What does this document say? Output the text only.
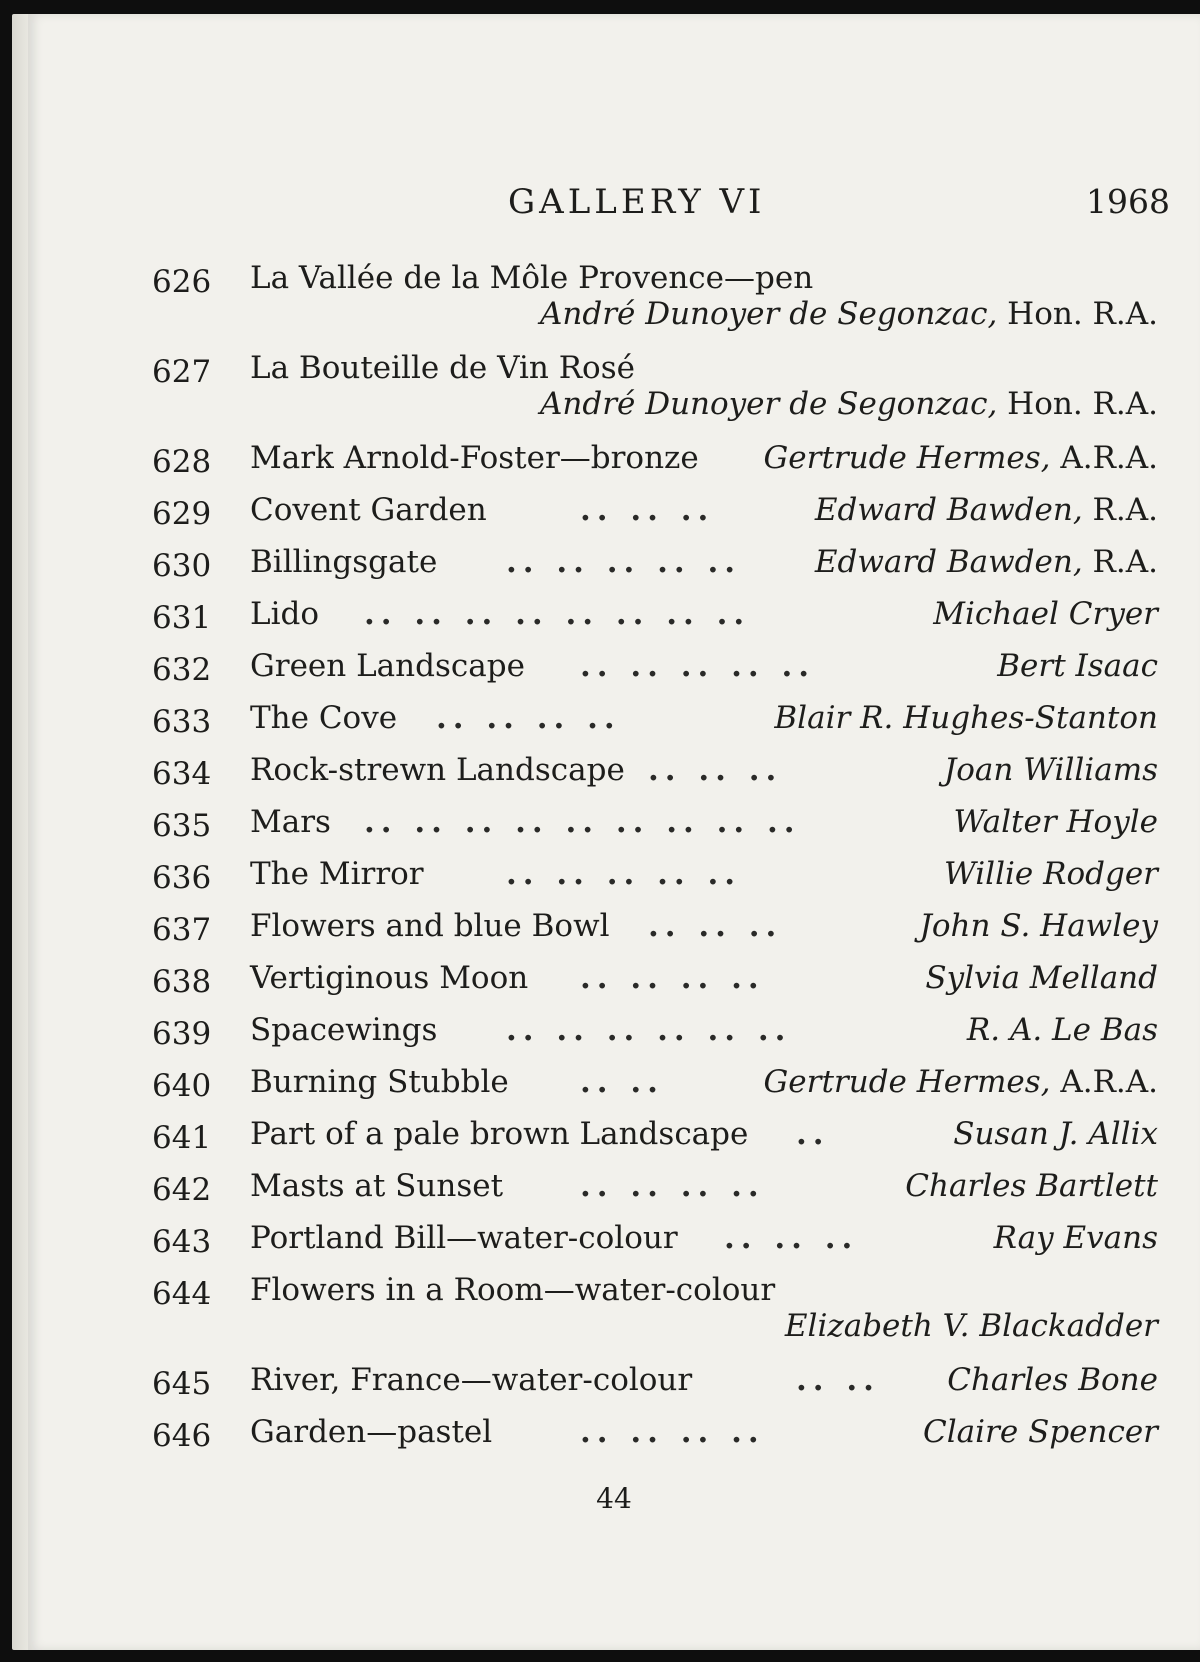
GALLERY VI	1968
626 La Vallée de la Môle Provence—pen
André Dunoyer de Segonzac, Hon. R.A.
627 La Bouteille de Vin Rosé
André Dunoyer de Segonzac, Hon. R.A.
628 Mark Arnold-Foster—bronze Gertrude Hermes, A.R.A.
629 Covent Garden	.. .. ..	Edward Bawden, R.A.
630 Billingsgate .. .. .. .. .. Edward Bawden, R.A.
631 Lido .. .. .. .. .. .. .. ..	Michael Cryer
632 Green Landscape .. .. .. .. ..	Bert Isaac
633 The Cove .. .. .. ..	Blair R. Hughes-Stanton
634 Rock-strewn Landscape .. .. ..	Joan Williams
635 Mars .. .. .. .. .. .. .. .. ..	Walter Hoyle
636 The Mirror	.. .. .. .. ..	Willie Rodger
637 Flowers and blue Bowl .. .. ..	John S. Hawley
638 Vertiginous Moon .. .. .. ..	Sylvia Melland
639 Spacewings .. .. .. .. .. ..	R. A. Le Bas
640 Burning Stubble .. ..	Gertrude Hermes, A.R.A.
641 Part of a pale brown Landscape ..	Susan J. Allix
642 Masts at Sunset .. .. .. ..	Charles Bartlett
643 Portland Bill—water-colour .. .. ..	Ray Evans
644 Flowers in a Room—water-colour
Elizabeth V. Blackadder
645 River, France—water-colour	.. .. Charles Bone
646 Garden—pastel	.. .. .. ..	Claire Spencer
44
